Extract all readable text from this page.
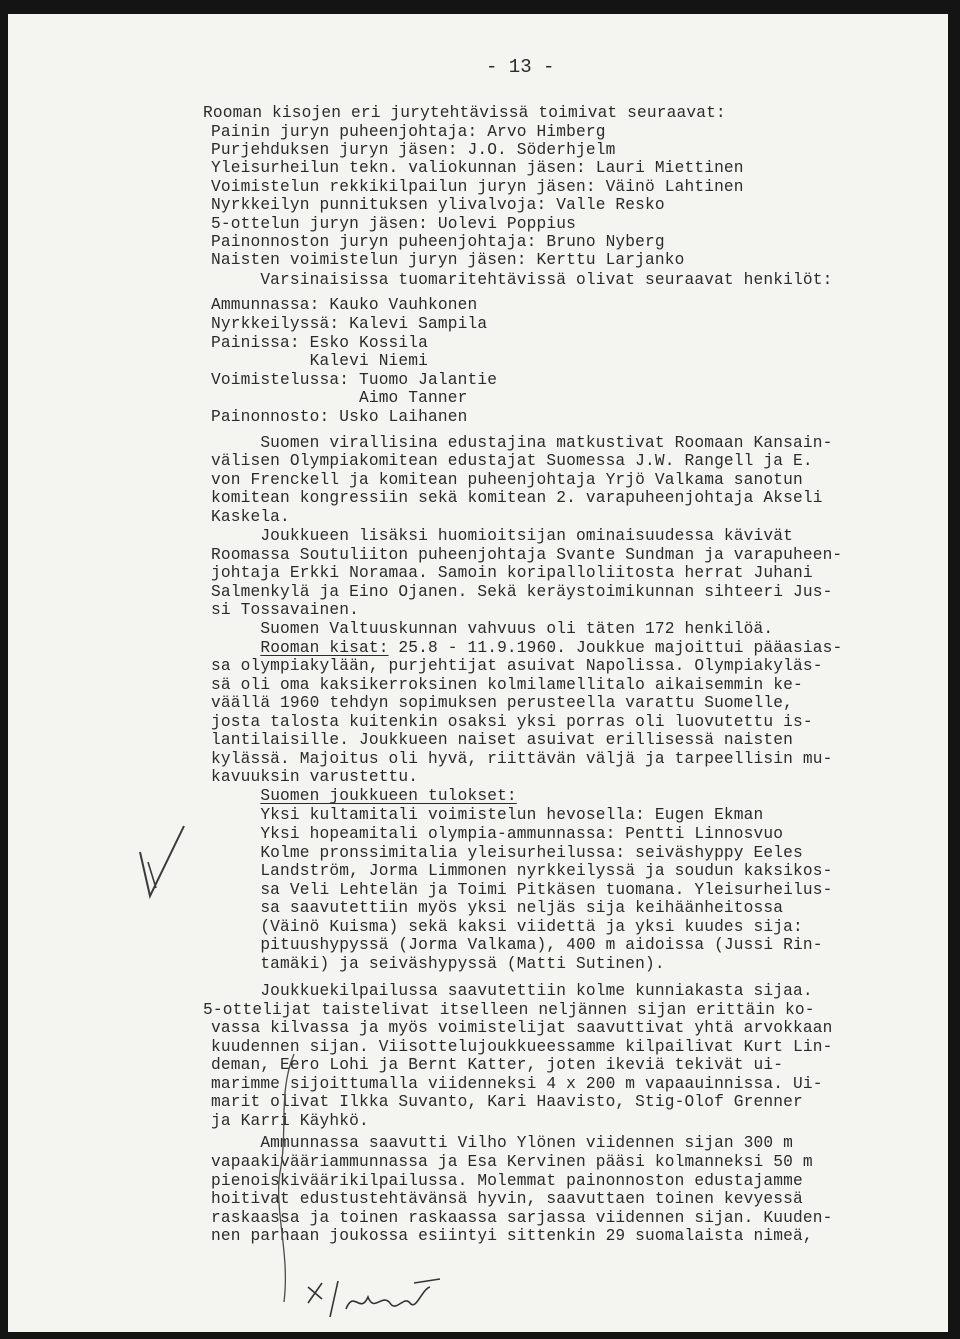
- 13 -
Rooman kisojen eri jurytehtävissä toimivat seuraavat:
Painin juryn puheenjohtaja: Arvo Himberg
Purjehduksen juryn jäsen: J.O. Söderhjelm
Yleisurheilun tekn. valiokunnan jäsen: Lauri Miettinen
Voimistelun rekkikilpailun juryn jäsen: Väinö Lahtinen
Nyrkkeilyn punnituksen ylivalvoja: Valle Resko
5-ottelun juryn jäsen: Uolevi Poppius
Painonnoston juryn puheenjohtaja: Bruno Nyberg
Naisten voimistelun juryn jäsen: Kerttu Larjanko
Varsinaisissa tuomaritehtävissä olivat seuraavat henkilöt:
Ammunnassa: Kauko Vauhkonen
Nyrkkeilyssä: Kalevi Sampila
Painissa: Esko Kossila
Kalevi Niemi
Voimistelussa: Tuomo Jalantie
Aimo Tanner
Painonnosto: Usko Laihanen
Suomen virallisina edustajina matkustivat Roomaan Kansain-
välisen Olympiakomitean edustajat Suomessa J.W. Rangell ja E.
von Frenckell ja komitean puheenjohtaja Yrjö Valkama sanotun
komitean kongressiin sekä komitean 2. varapuheenjohtaja Akseli
Kaskela.
Joukkueen lisäksi huomioitsijan ominaisuudessa kävivät
Roomassa Soutuliiton puheenjohtaja Svante Sundman ja varapuheen-
johtaja Erkki Noramaa. Samoin koripalloliitosta herrat Juhani
Salmenkylä ja Eino Ojanen. Sekä keräystoimikunnan sihteeri Jus-
si Tossavainen.
Suomen Valtuuskunnan vahvuus oli täten 172 henkilöä.
Rooman kisat: 25.8 - 11.9.1960. Joukkue majoittui pääasias-
sa olympiakylään, purjehtijat asuivat Napolissa. Olympiakyläs-
sä oli oma kaksikerroksinen kolmilamellitalo aikaisemmin ke-
väällä 1960 tehdyn sopimuksen perusteella varattu Suomelle,
josta talosta kuitenkin osaksi yksi porras oli luovutettu is-
lantilaisille. Joukkueen naiset asuivat erillisessä naisten
kylässä. Majoitus oli hyvä, riittävän väljä ja tarpeellisin mu-
kavuuksin varustettu.
Suomen joukkueen tulokset:
Yksi kultamitali voimistelun hevosella: Eugen Ekman
Yksi hopeamitali olympia-ammunnassa: Pentti Linnosvuo
Kolme pronssimitalia yleisurheilussa: seiväshyppy Eeles
Landström, Jorma Limmonen nyrkkeilyssä ja soudun kaksikos-
sa Veli Lehtelän ja Toimi Pitkäsen tuomana. Yleisurheilus-
sa saavutettiin myös yksi neljäs sija keihäänheitossa
(Väinö Kuisma) sekä kaksi viidettä ja yksi kuudes sija:
pituushypyssä (Jorma Valkama), 400 m aidoissa (Jussi Rin-
tamäki) ja seiväshypyssä (Matti Sutinen).
Joukkuekilpailussa saavutettiin kolme kunniakasta sijaa.
5-ottelijat taistelivat itselleen neljännen sijan erittäin ko-
vassa kilvassa ja myös voimistelijat saavuttivat yhtä arvokkaan
kuudennen sijan. Viisottelujoukkueessamme kilpailivat Kurt Lin-
deman, Eero Lohi ja Bernt Katter, joten ikeviä tekivät ui-
marimme sijoittumalla viidenneksi 4 x 200 m vapaauinnissa. Ui-
marit olivat Ilkka Suvanto, Kari Haavisto, Stig-Olof Grenner
ja Karri Käyhkö.
Ammunnassa saavutti Vilho Ylönen viidennen sijan 300 m
vapaakivääriammunnassa ja Esa Kervinen pääsi kolmanneksi 50 m
pienoiskiväärikilpailussa. Molemmat painonnoston edustajamme
hoitivat edustustehtävänsä hyvin, saavuttaen toinen kevyessä
raskaassa ja toinen raskaassa sarjassa viidennen sijan. Kuuden-
nen parhaan joukossa esiintyi sittenkin 29 suomalaista nimeä,
